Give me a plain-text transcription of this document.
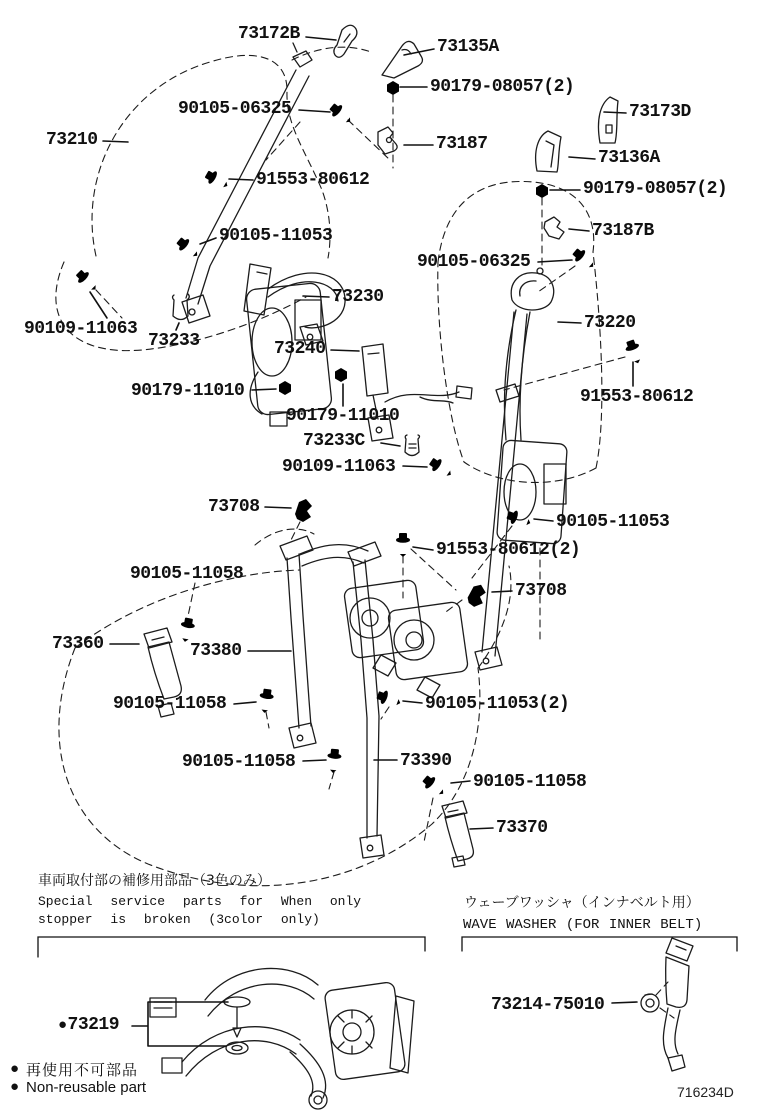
73172B
73135A
90179-08057(2)
73173D
90105-06325
73210	73187
73136A
90179-08057(2)
91553-80612
73187B
90105-11053
90105-06325
73230
73220
90109-11063
73233	73240
90179-11010	91553-80612
90179-11010
73233C
90109-11063
73708
90105-11053
91553-80612(2)
90105-11058
73708
73360	73380
90105-11058	90105-11053(2)
90105-11058	73390
90105-11058
73370
●73219
73214-75010
車両取付部の補修用部品（3色のみ）
Special service parts for When only
stopper is broken (3color only)
ウェーブワッシャ（インナベルト用）
WAVE WASHER (FOR INNER BELT)
● 再使用不可部品
● Non-reusable part	716234D
